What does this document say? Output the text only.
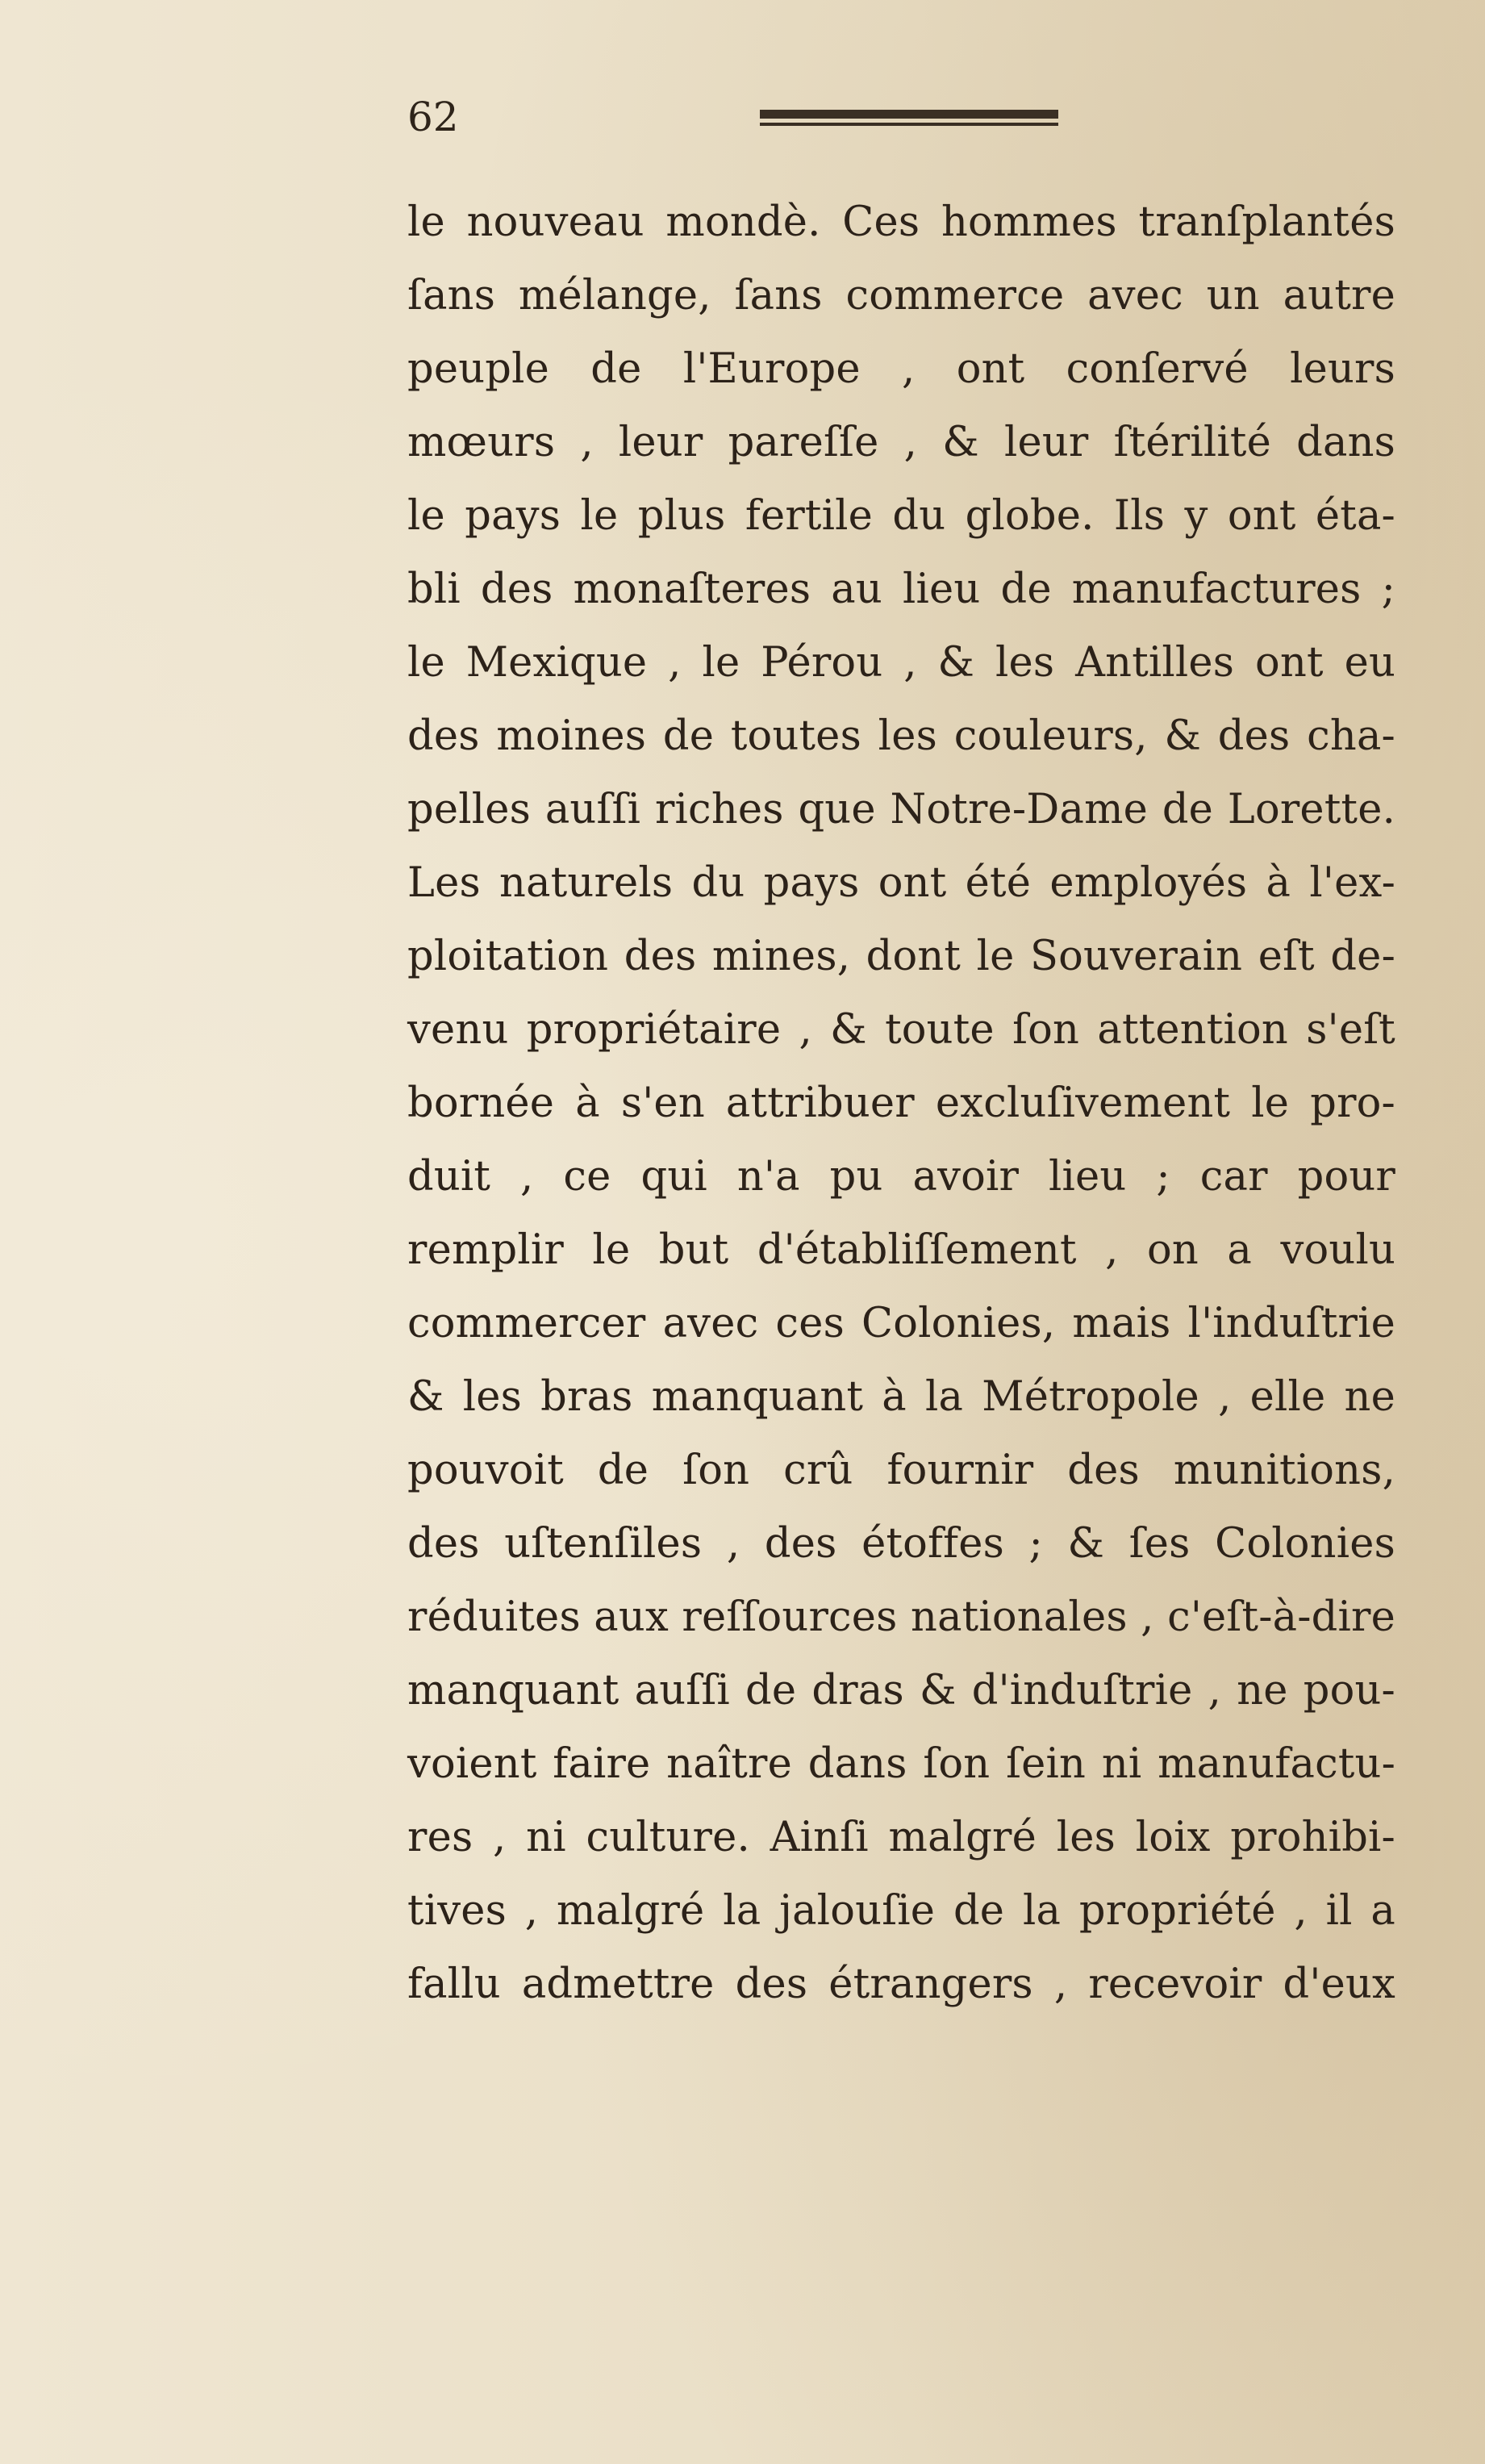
62
le nouveau mondè. Ces hommes tranſplantés
ſans mélange, ſans commerce avec un autre
peuple de l'Europe , ont conſervé leurs
mœurs , leur pareſſe , & leur ſtérilité dans
le pays le plus fertile du globe. Ils y ont éta-
bli des monaſteres au lieu de manufactures ;
le Mexique , le Pérou , & les Antilles ont eu
des moines de toutes les couleurs, & des cha-
pelles auſſi riches que Notre-Dame de Lorette.
Les naturels du pays ont été employés à l'ex-
ploitation des mines, dont le Souverain eſt de-
venu propriétaire , & toute ſon attention s'eſt
bornée à s'en attribuer excluſivement le pro-
duit , ce qui n'a pu avoir lieu ; car pour
remplir le but d'établiſſement , on a voulu
commercer avec ces Colonies, mais l'induſtrie
& les bras manquant à la Métropole , elle ne
pouvoit de ſon crû fournir des munitions,
des uſtenſiles , des étoffes ; & ſes Colonies
réduites aux reſſources nationales , c'eſt-à-dire
manquant auſſi de dras & d'induſtrie , ne pou-
voient faire naître dans ſon ſein ni manufactu-
res , ni culture. Ainſi malgré les loix prohibi-
tives , malgré la jalouſie de la propriété , il a
fallu admettre des étrangers , recevoir d'eux
